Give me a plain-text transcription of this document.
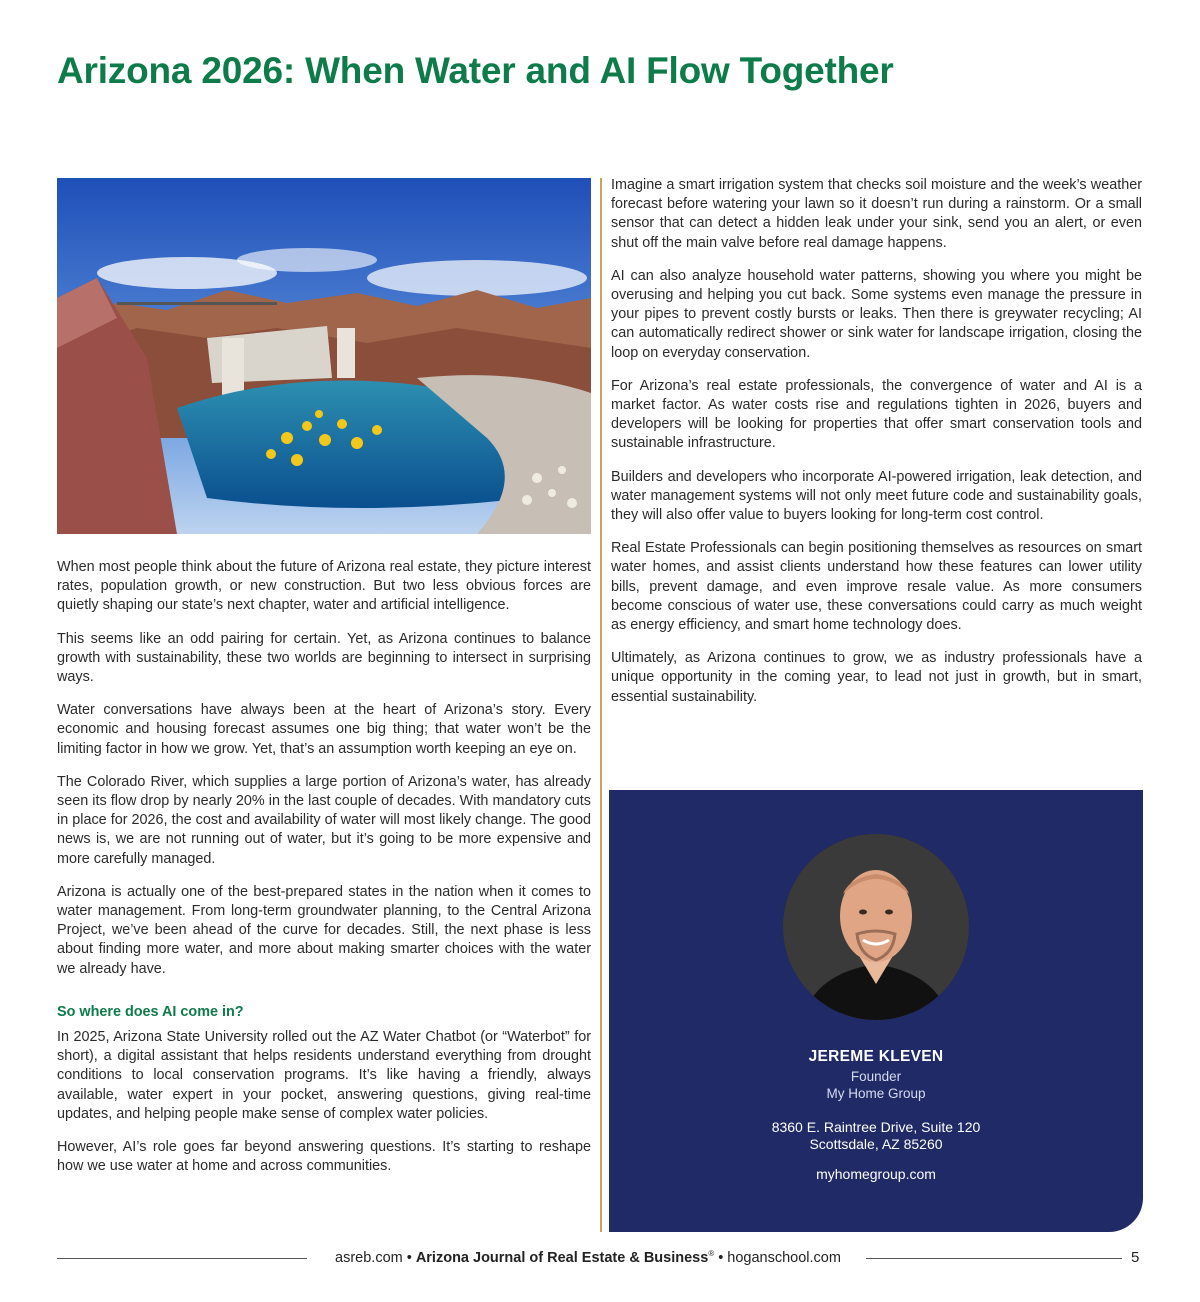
Arizona 2026: When Water and AI Flow Together

When most people think about the future of Arizona real estate, they picture interest rates, population growth, or new construction. But two less obvious forces are quietly shaping our state’s next chapter, water and artificial intelligence.

This seems like an odd pairing for certain. Yet, as Arizona continues to balance growth with sustainability, these two worlds are beginning to intersect in surprising ways.

Water conversations have always been at the heart of Arizona’s story. Every economic and housing forecast assumes one big thing; that water won’t be the limiting factor in how we grow. Yet, that’s an assumption worth keeping an eye on.

The Colorado River, which supplies a large portion of Arizona’s water, has already seen its flow drop by nearly 20% in the last couple of decades. With mandatory cuts in place for 2026, the cost and availability of water will most likely change. The good news is, we are not running out of water, but it’s going to be more expensive and more carefully managed.

Arizona is actually one of the best-prepared states in the nation when it comes to water management. From long-term groundwater planning, to the Central Arizona Project, we’ve been ahead of the curve for decades. Still, the next phase is less about finding more water, and more about making smarter choices with the water we already have.

So where does AI come in?

In 2025, Arizona State University rolled out the AZ Water Chatbot (or “Waterbot” for short), a digital assistant that helps residents understand everything from drought conditions to local conservation programs. It’s like having a friendly, always available, water expert in your pocket, answering questions, giving real-time updates, and helping people make sense of complex water policies.

However, AI’s role goes far beyond answering questions. It’s starting to reshape how we use water at home and across communities.

Imagine a smart irrigation system that checks soil moisture and the week’s weather forecast before watering your lawn so it doesn’t run during a rainstorm. Or a small sensor that can detect a hidden leak under your sink, send you an alert, or even shut off the main valve before real damage happens.

AI can also analyze household water patterns, showing you where you might be overusing and helping you cut back. Some systems even manage the pressure in your pipes to prevent costly bursts or leaks. Then there is greywater recycling; AI can automatically redirect shower or sink water for landscape irrigation, closing the loop on everyday conservation.

For Arizona’s real estate professionals, the convergence of water and AI is a market factor. As water costs rise and regulations tighten in 2026, buyers and developers will be looking for properties that offer smart conservation tools and sustainable infrastructure.

Builders and developers who incorporate AI-powered irrigation, leak detection, and water management systems will not only meet future code and sustainability goals, they will also offer value to buyers looking for long-term cost control.

Real Estate Professionals can begin positioning themselves as resources on smart water homes, and assist clients understand how these features can lower utility bills, prevent damage, and even improve resale value. As more consumers become conscious of water use, these conversations could carry as much weight as energy efficiency, and smart home technology does.

Ultimately, as Arizona continues to grow, we as industry professionals have a unique opportunity in the coming year, to lead not just in growth, but in smart, essential sustainability.

JEREME KLEVEN
Founder
My Home Group
8360 E. Raintree Drive, Suite 120
Scottsdale, AZ 85260
myhomegroup.com
asreb.com • Arizona Journal of Real Estate & Business® • hoganschool.com	5
